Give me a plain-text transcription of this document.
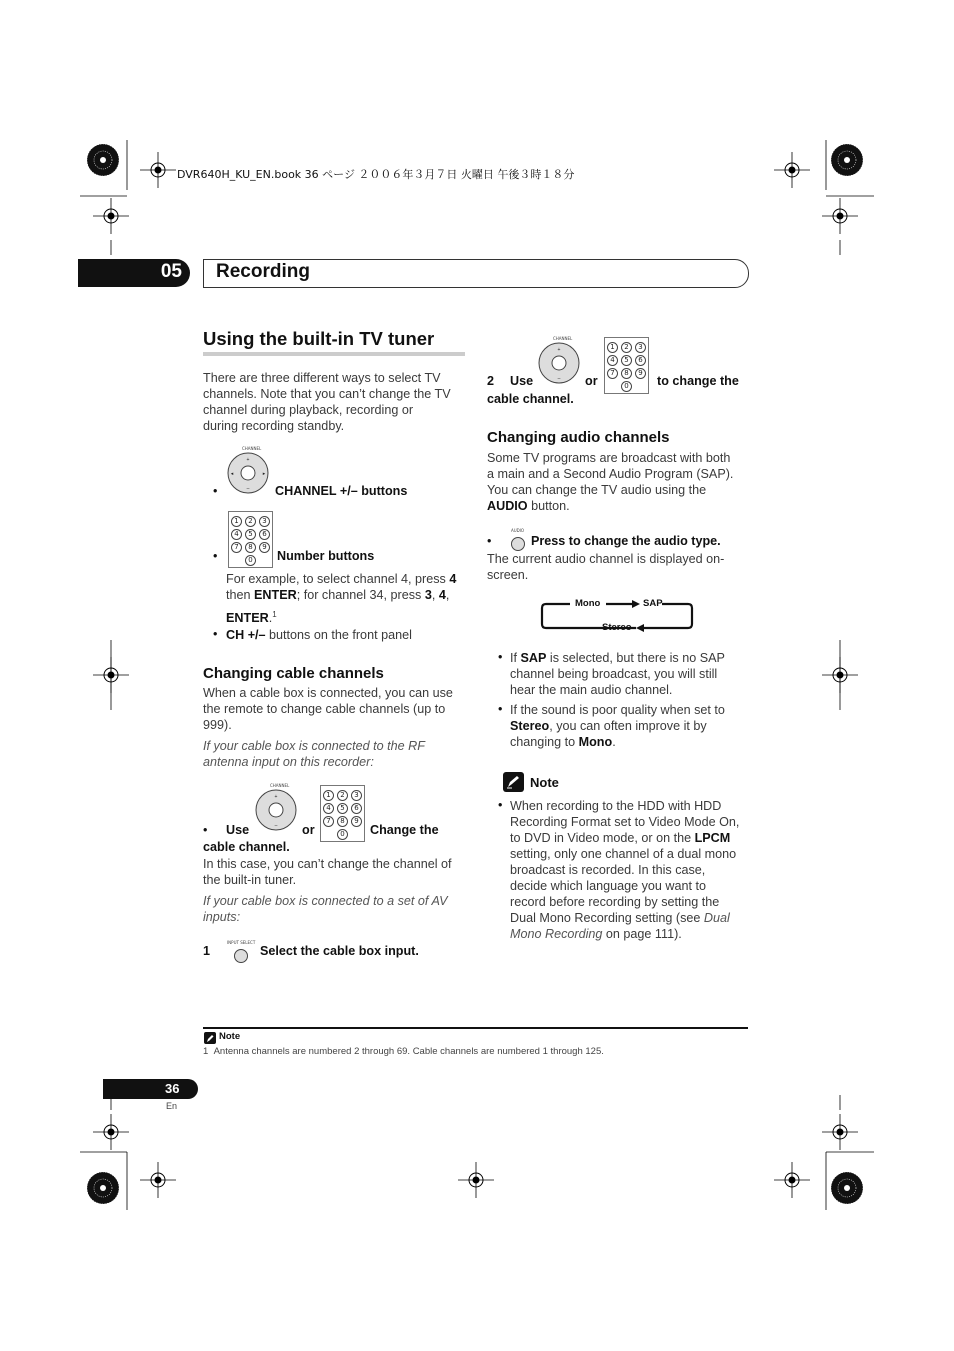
DVR640H_KU_EN.book 36 ページ ２００６年３月７日 火曜日 午後３時１８分
05 Recording
Using the built-in TV tuner
There are three different ways to select TV
channels. Note that you can’t change the TV
channel during playback, recording or
during recording standby.
CHANNEL
+
–
◂	▸
•	CHANNEL +/– buttons
1	2	3
4	5	6
7	8	9
0
•	Number buttons
For example, to select channel 4, press 4
then ENTER; for channel 34, press 3, 4,
ENTER.$^1$
• CH +/– buttons on the front panel
Changing cable channels
When a cable box is connected, you can use
the remote to change cable channels (up to
999).
If your cable box is connected to the RF
antenna input on this recorder:
CHANNEL
+
–
1	2	3
4	5	6
7	8	9
0
• Use	or	Change the
cable channel.
In this case, you can’t change the channel of
the built-in tuner.
If your cable box is connected to a set of AV
inputs:
1
INPUT SELECT
Select the cable box input.
CHANNEL
+
–
1	2	3
4	5	6
7	8	9
0
2 Use	or	to change the
cable channel.
Changing audio channels
Some TV programs are broadcast with both
a main and a Second Audio Program (SAP).
You can change the TV audio using the
AUDIO button.
•
AUDIO
Press to change the audio type.
The current audio channel is displayed on-
screen.
Mono	SAP
Stereo
• If SAP is selected, but there is no SAP
channel being broadcast, you will still
hear the main audio channel.
• If the sound is poor quality when set to
Stereo, you can often improve it by
changing to Mono.
Note
• When recording to the HDD with HDD
Recording Format set to Video Mode On,
to DVD in Video mode, or on the LPCM
setting, only one channel of a dual mono
broadcast is recorded. In this case,
decide which language you want to
record before recording by setting the
Dual Mono Recording setting (see Dual
Mono Recording on page 111).
Note
1 Antenna channels are numbered 2 through 69. Cable channels are numbered 1 through 125.
36
En
